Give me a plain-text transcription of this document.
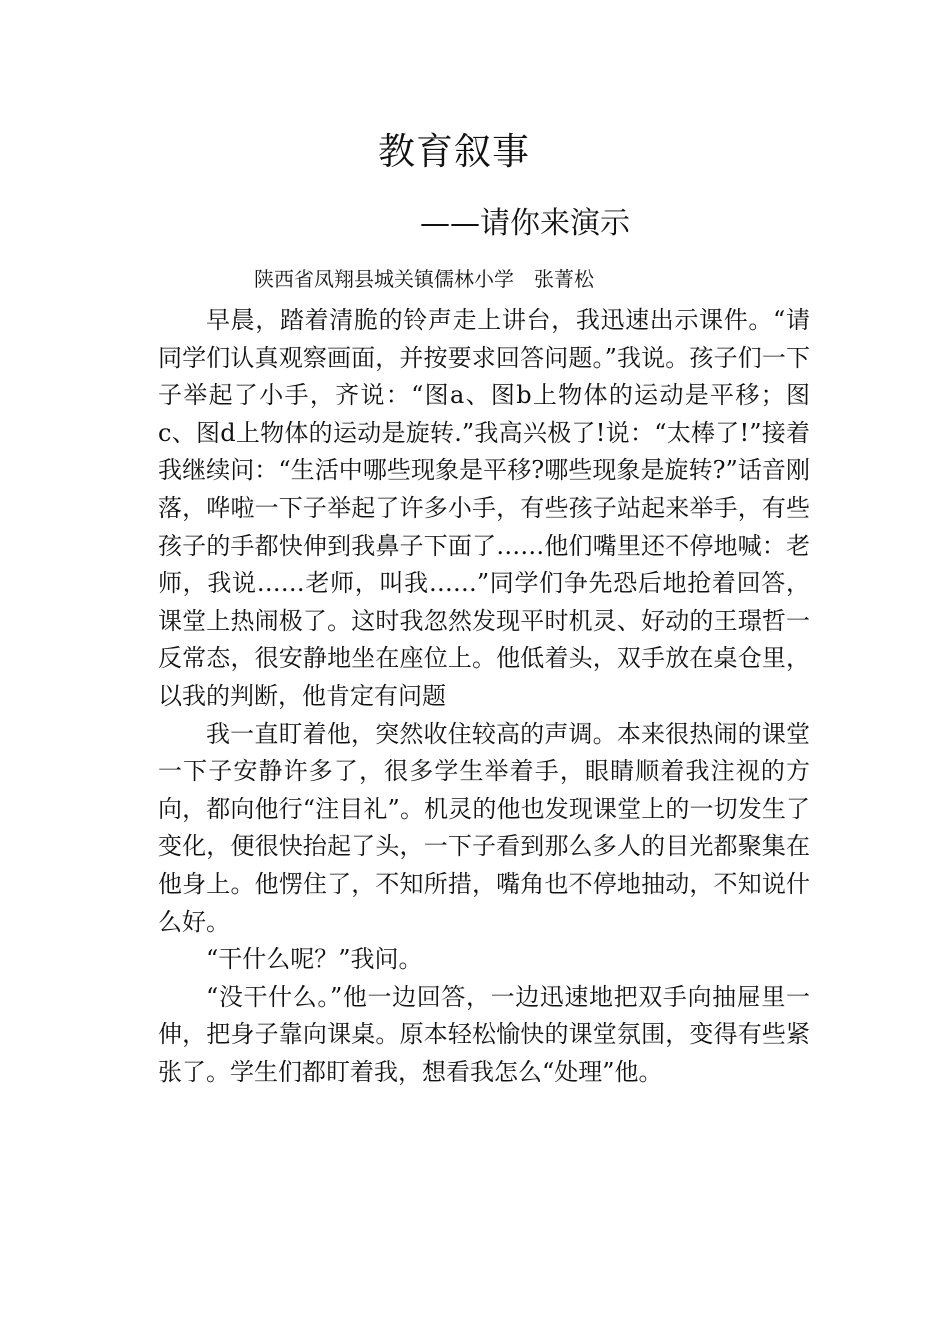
教育叙事
——请你来演示
陕西省凤翔县城关镇儒林小学　张菁松

早晨，踏着清脆的铃声走上讲台，我迅速出示课件。“请同学们认真观察画面，并按要求回答问题。”我说。孩子们一下子举起了小手，齐说：“图a、图b上物体的运动是平移；图c、图d上物体的运动是旋转.”我高兴极了!说：“太棒了!”接着我继续问：“生活中哪些现象是平移?哪些现象是旋转?”话音刚落，哗啦一下子举起了许多小手，有些孩子站起来举手，有些孩子的手都快伸到我鼻子下面了……他们嘴里还不停地喊：老师，我说……老师，叫我……”同学们争先恐后地抢着回答，课堂上热闹极了。这时我忽然发现平时机灵、好动的王璟哲一反常态，很安静地坐在座位上。他低着头，双手放在桌仓里，以我的判断，他肯定有问题

我一直盯着他，突然收住较高的声调。本来很热闹的课堂一下子安静许多了，很多学生举着手，眼睛顺着我注视的方向，都向他行“注目礼”。机灵的他也发现课堂上的一切发生了变化，便很快抬起了头，一下子看到那么多人的目光都聚集在他身上。他愣住了，不知所措，嘴角也不停地抽动，不知说什么好。

“干什么呢？”我问。

“没干什么。”他一边回答，一边迅速地把双手向抽屉里一伸，把身子靠向课桌。原本轻松愉快的课堂氛围，变得有些紧张了。学生们都盯着我，想看我怎么“处理”他。
